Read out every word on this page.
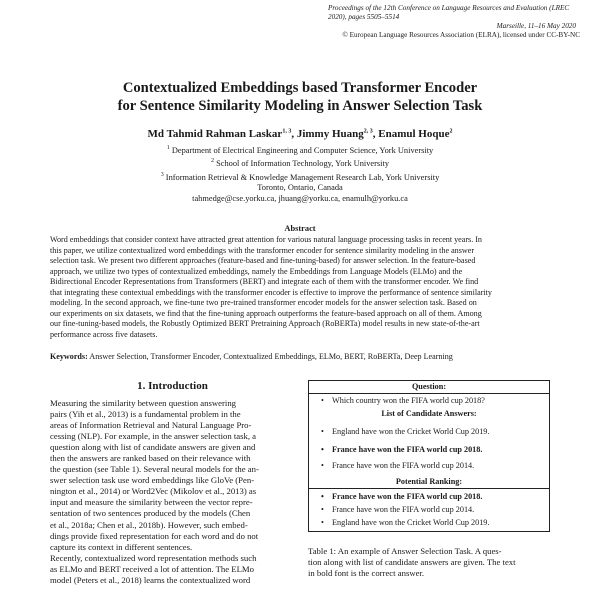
Proceedings of the 12th Conference on Language Resources and Evaluation (LREC 2020), pages 5505–5514
Marseille, 11–16 May 2020
© European Language Resources Association (ELRA), licensed under CC-BY-NC
Contextualized Embeddings based Transformer Encoder
for Sentence Similarity Modeling in Answer Selection Task
Md Tahmid Rahman Laskar$^{1, 3}$, Jimmy Huang$^{2, 3}$, Enamul Hoque$^2$
$^1$ Department of Electrical Engineering and Computer Science, York University
$^2$ School of Information Technology, York University
$^3$ Information Retrieval & Knowledge Management Research Lab, York University
Toronto, Ontario, Canada
tahmedge@cse.yorku.ca, jhuang@yorku.ca, enamulh@yorku.ca
Abstract
Word embeddings that consider context have attracted great attention for various natural language processing tasks in recent years. In
this paper, we utilize contextualized word embeddings with the transformer encoder for sentence similarity modeling in the answer
selection task. We present two different approaches (feature-based and fine-tuning-based) for answer selection. In the feature-based
approach, we utilize two types of contextualized embeddings, namely the Embeddings from Language Models (ELMo) and the
Bidirectional Encoder Representations from Transformers (BERT) and integrate each of them with the transformer encoder. We find
that integrating these contextual embeddings with the transformer encoder is effective to improve the performance of sentence similarity
modeling. In the second approach, we fine-tune two pre-trained transformer encoder models for the answer selection task. Based on
our experiments on six datasets, we find that the fine-tuning approach outperforms the feature-based approach on all of them. Among
our fine-tuning-based models, the Robustly Optimized BERT Pretraining Approach (RoBERTa) model results in new state-of-the-art
performance across five datasets.
Keywords: Answer Selection, Transformer Encoder, Contextualized Embeddings, ELMo, BERT, RoBERTa, Deep Learning
1. Introduction
Measuring the similarity between question answering
pairs (Yih et al., 2013) is a fundamental problem in the
areas of Information Retrieval and Natural Language Pro-
cessing (NLP). For example, in the answer selection task, a
question along with list of candidate answers are given and
then the answers are ranked based on their relevance with
the question (see Table 1). Several neural models for the an-
swer selection task use word embeddings like GloVe (Pen-
nington et al., 2014) or Word2Vec (Mikolov et al., 2013) as
input and measure the similarity between the vector repre-
sentation of two sentences produced by the models (Chen
et al., 2018a; Chen et al., 2018b). However, such embed-
dings provide fixed representation for each word and do not
capture its context in different sentences.
Recently, contextualized word representation methods such
as ELMo and BERT received a lot of attention. The ELMo
model (Peters et al., 2018) learns the contextualized word
Question:
• Which country won the FIFA world cup 2018?
List of Candidate Answers:
• England have won the Cricket World Cup 2019.
• France have won the FIFA world cup 2018.
• France have won the FIFA world cup 2014.
Potential Ranking:
• France have won the FIFA world cup 2018.
• France have won the FIFA world cup 2014.
• England have won the Cricket World Cup 2019.
Table 1: An example of Answer Selection Task. A ques-
tion along with list of candidate answers are given. The text
in bold font is the correct answer.
